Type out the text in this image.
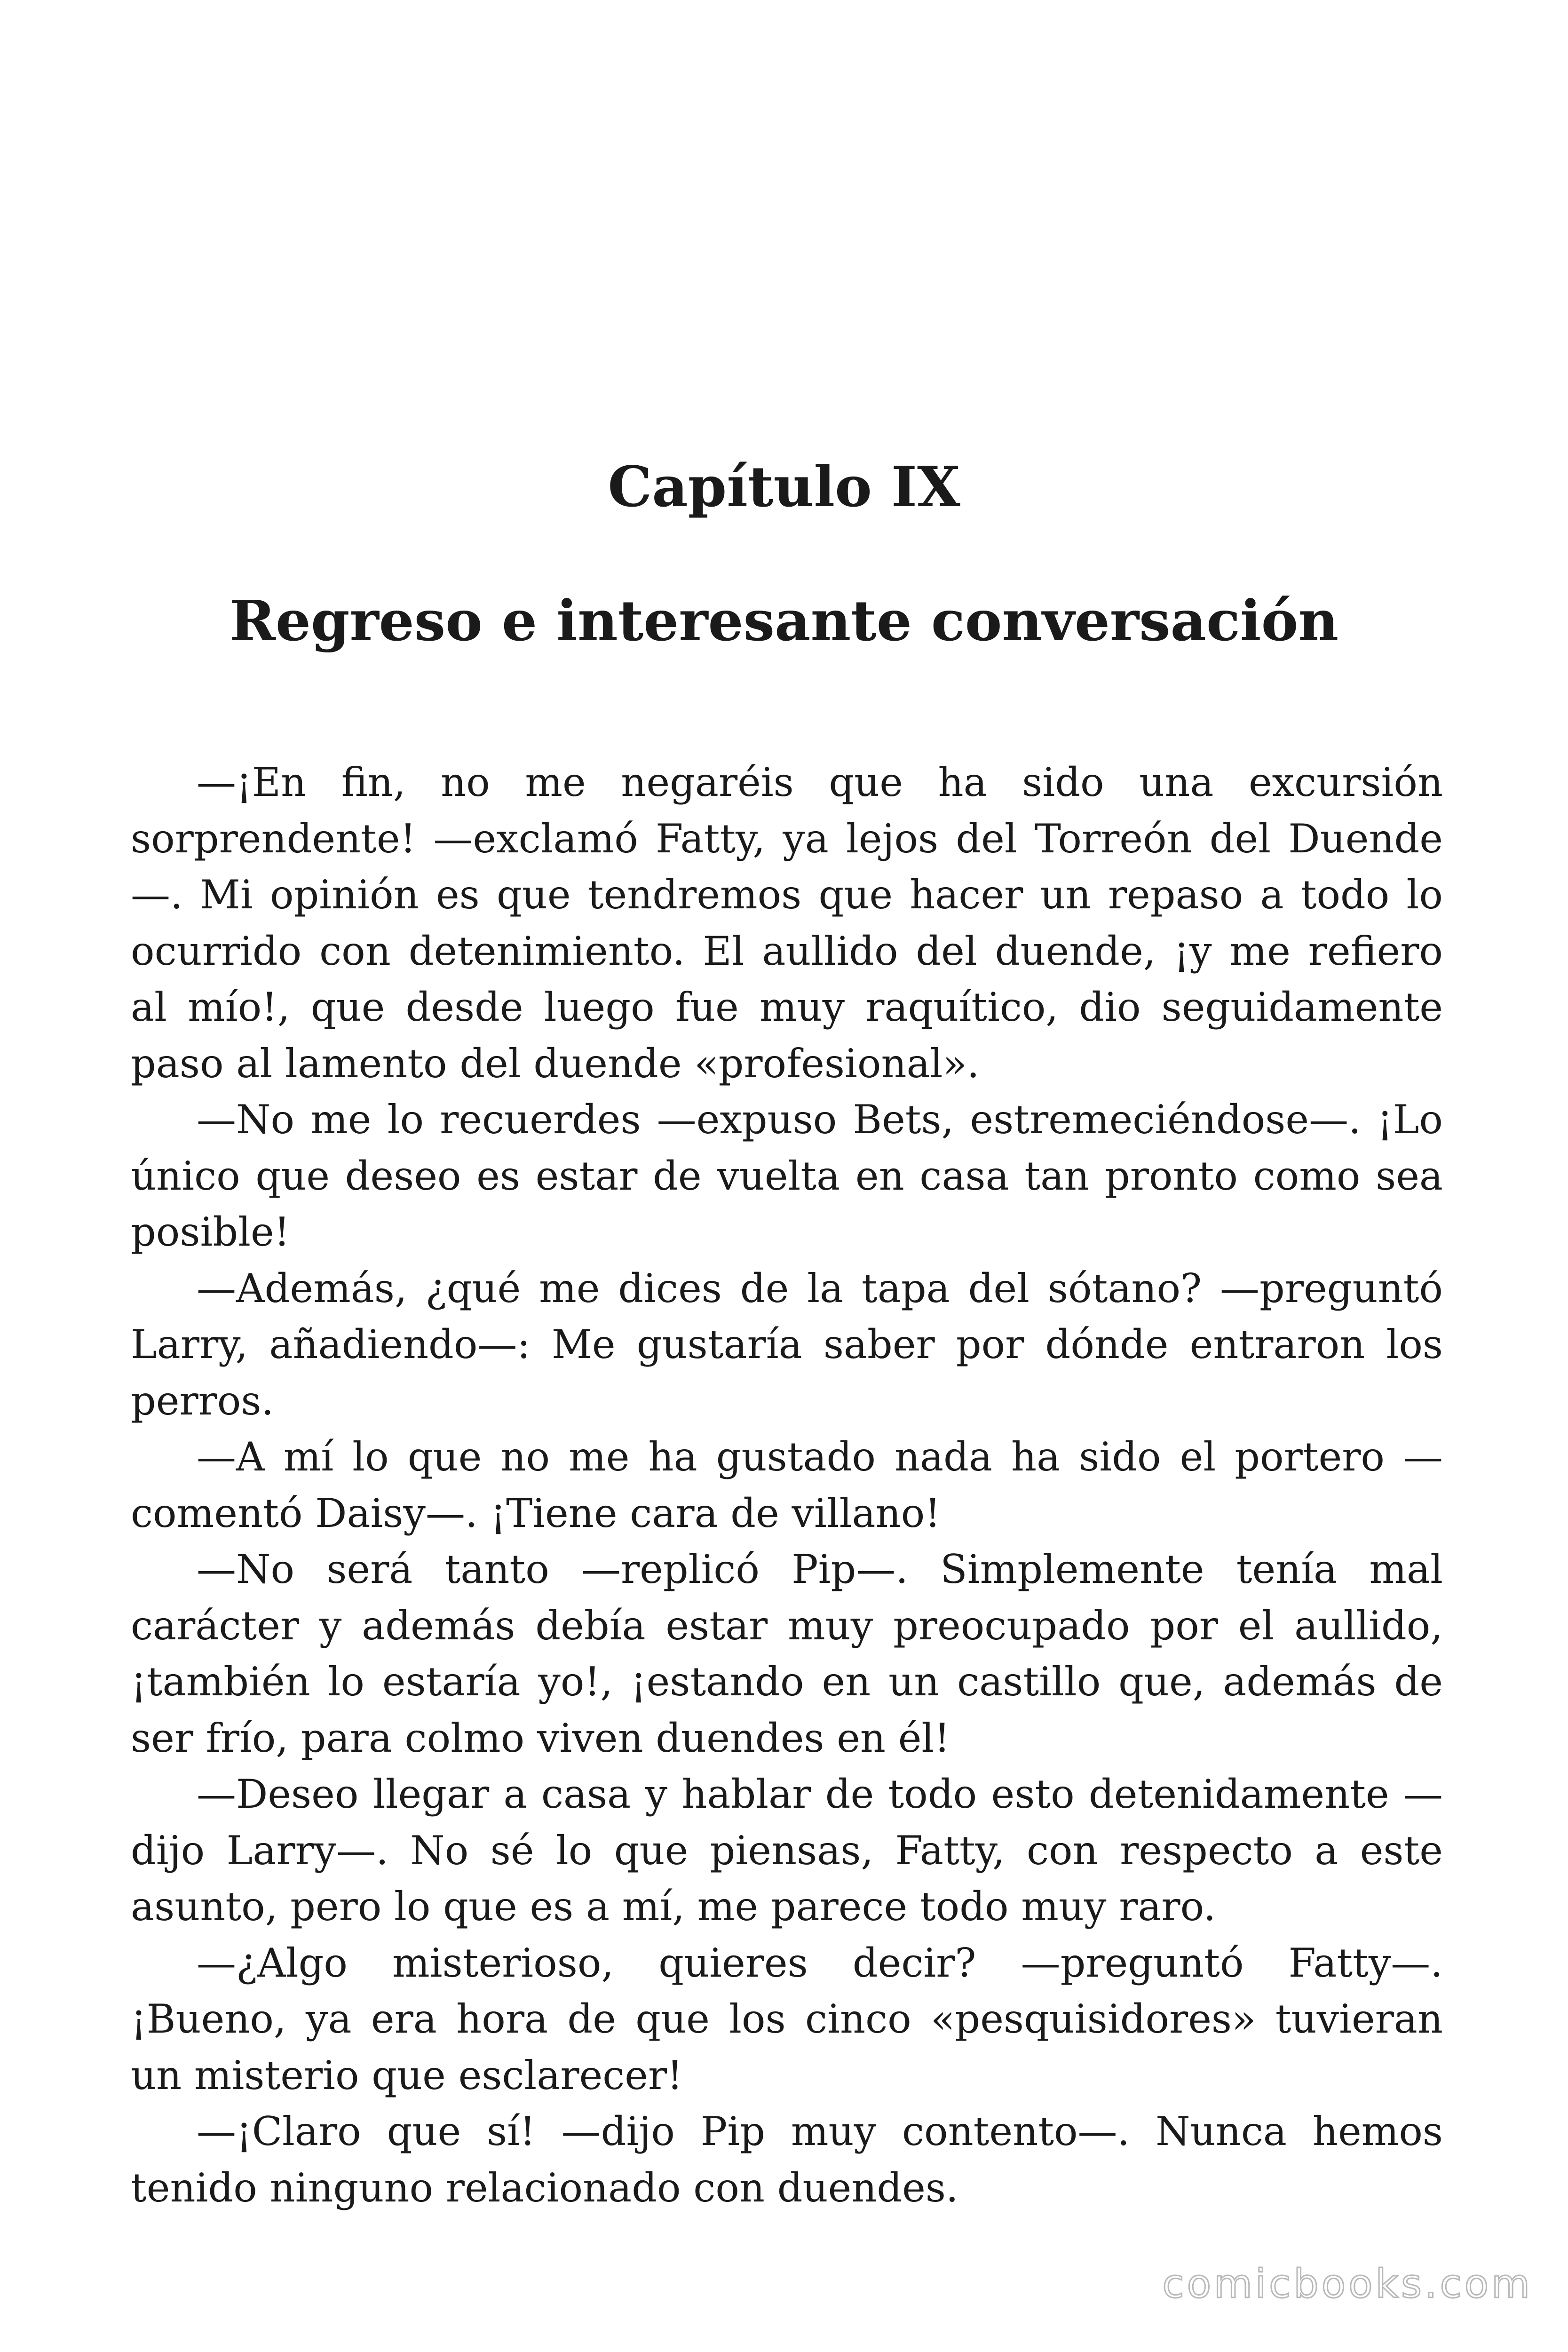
Capítulo IX
Regreso e interesante conversación

—¡En fin, no me negaréis que ha sido una excursión sorprendente! —exclamó Fatty, ya lejos del Torreón del Duende—. Mi opinión es que tendremos que hacer un repaso a todo lo ocurrido con detenimiento. El aullido del duende, ¡y me refiero al mío!, que desde luego fue muy raquítico, dio seguidamente paso al lamento del duende «profesional».

—No me lo recuerdes —expuso Bets, estremeciéndose—. ¡Lo único que deseo es estar de vuelta en casa tan pronto como sea posible!

—Además, ¿qué me dices de la tapa del sótano? —preguntó Larry, añadiendo—: Me gustaría saber por dónde entraron los perros.

—A mí lo que no me ha gustado nada ha sido el portero —comentó Daisy—. ¡Tiene cara de villano!

—No será tanto —replicó Pip—. Simplemente tenía mal carácter y además debía estar muy preocupado por el aullido, ¡también lo estaría yo!, ¡estando en un castillo que, además de ser frío, para colmo viven duendes en él!

—Deseo llegar a casa y hablar de todo esto detenidamente —dijo Larry—. No sé lo que piensas, Fatty, con respecto a este asunto, pero lo que es a mí, me parece todo muy raro.

—¿Algo misterioso, quieres decir? —preguntó Fatty—. ¡Bueno, ya era hora de que los cinco «pesquisidores» tuvieran un misterio que esclarecer!

—¡Claro que sí! —dijo Pip muy contento—. Nunca hemos tenido ninguno relacionado con duendes.

comicbooks.com
